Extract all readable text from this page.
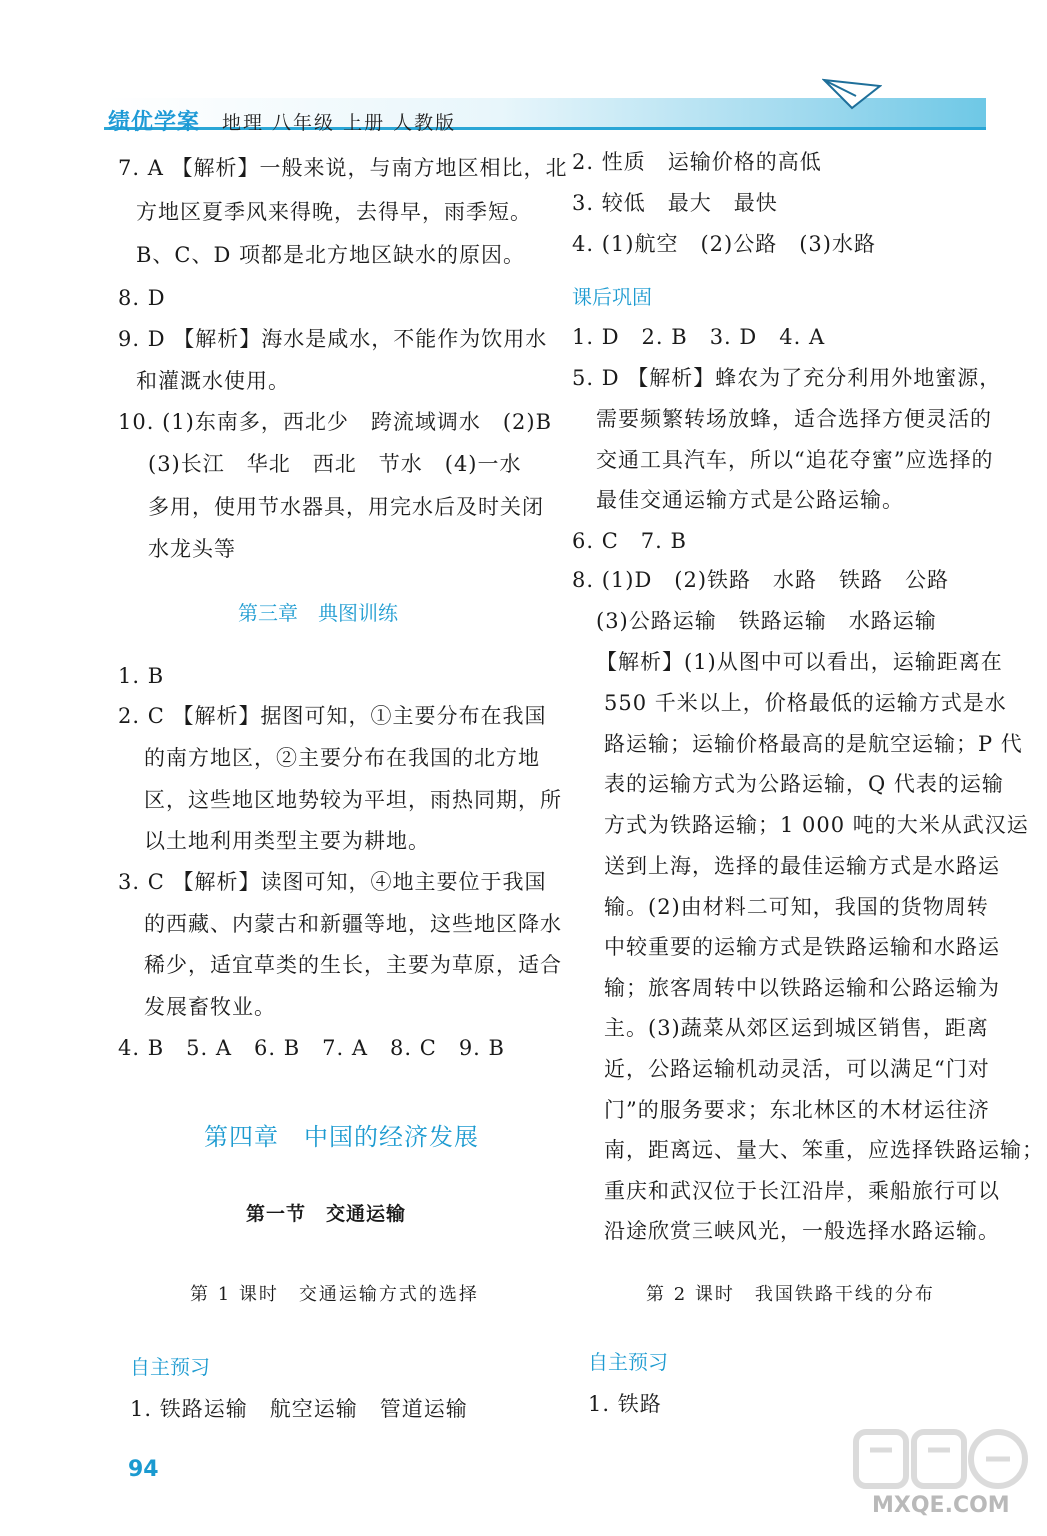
绩优学案 地理 八年级 上册 人教版
7. A 【解析】一般来说，与南方地区相比，北
方地区夏季风来得晚，去得早，雨季短。
B、C、D 项都是北方地区缺水的原因。
8. D
9. D 【解析】海水是咸水，不能作为饮用水
和灌溉水使用。
10. (1)东南多，西北少　跨流域调水　(2)B
(3)长江　华北　西北　节水　(4)一水
多用，使用节水器具，用完水后及时关闭
水龙头等
第三章　典图训练
1. B
2. C 【解析】据图可知，①主要分布在我国
的南方地区，②主要分布在我国的北方地
区，这些地区地势较为平坦，雨热同期，所
以土地利用类型主要为耕地。
3. C 【解析】读图可知，④地主要位于我国
的西藏、内蒙古和新疆等地，这些地区降水
稀少，适宜草类的生长，主要为草原，适合
发展畜牧业。
4. B　5. A　6. B　7. A　8. C　9. B
第四章　中国的经济发展
第一节　交通运输
第 1 课时　交通运输方式的选择
自主预习
1. 铁路运输　航空运输　管道运输
2. 性质　运输价格的高低
3. 较低　最大　最快
4. (1)航空　(2)公路　(3)水路
课后巩固
1. D　2. B　3. D　4. A
5. D 【解析】蜂农为了充分利用外地蜜源，
需要频繁转场放蜂，适合选择方便灵活的
交通工具汽车，所以“追花夺蜜”应选择的
最佳交通运输方式是公路运输。
6. C　7. B
8. (1)D　(2)铁路　水路　铁路　公路
(3)公路运输　铁路运输　水路运输
【解析】(1)从图中可以看出，运输距离在
550 千米以上，价格最低的运输方式是水
路运输；运输价格最高的是航空运输；P 代
表的运输方式为公路运输，Q 代表的运输
方式为铁路运输；1 000 吨的大米从武汉运
送到上海，选择的最佳运输方式是水路运
输。(2)由材料二可知，我国的货物周转
中较重要的运输方式是铁路运输和水路运
输；旅客周转中以铁路运输和公路运输为
主。(3)蔬菜从郊区运到城区销售，距离
近，公路运输机动灵活，可以满足“门对
门”的服务要求；东北林区的木材运往济
南，距离远、量大、笨重，应选择铁路运输；
重庆和武汉位于长江沿岸，乘船旅行可以
沿途欣赏三峡风光，一般选择水路运输。
第 2 课时　我国铁路干线的分布
自主预习
1. 铁路
94
MXQE.COM
